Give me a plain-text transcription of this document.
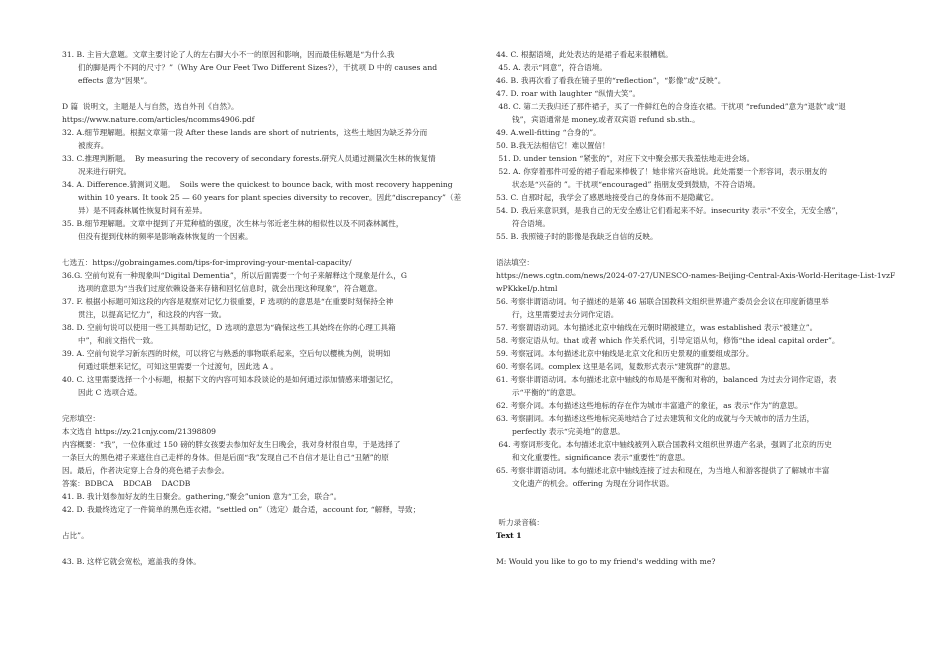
31. B. 主旨大意题。文章主要讨论了人的左右脚大小不一的原因和影响，因而最佳标题是“为什么我

们的脚是两个不同的尺寸？”（Why Are Our Feet Two Different Sizes?），干扰项 D 中的 causes and

effects 意为“因果”。

D 篇  说明文，主题是人与自然，选自外刊《自然》。

https://www.nature.com/articles/ncomms4906.pdf

32. A.细节理解题。根据文章第一段 After these lands are short of nutrients，这些土地因为缺乏养分而

被废弃。

33. C.推理判断题。  By measuring the recovery of secondary forests.研究人员通过测量次生林的恢复情

况来进行研究。

34. A. Difference.猜测词义题。  Soils were the quickest to bounce back, with most recovery happening

within 10 years. It took 25 — 60 years for plant species diversity to recover。因此“discrepancy”（差

异）是不同森林属性恢复时间有差异。

35. B.细节理解题。文章中提到了开荒种植的强度，次生林与邻近老生林的相似性以及不同森林属性，

但没有提到伐林的频率是影响森林恢复的一个因素。

七选五：https://gobraingames.com/tips-for-improving-your-mental-capacity/

36.G. 空前句说有一种现象叫“Digital Dementia”，所以后面需要一个句子来解释这个现象是什么，G

选项的意思为“当我们过度依赖设备来存储和回忆信息时，就会出现这种现象”，符合题意。

37. F. 根据小标题可知这段的内容是观察对记忆力很重要，F 选项的的意思是“在重要时刻保持全神

贯注，以提高记忆力”，和这段的内容一致。

38. D. 空前句说可以使用一些工具帮助记忆，D 选项的意思为“确保这些工具始终在你的心理工具箱

中”，和前文指代一致。

39. A. 空前句说学习新东西的时候，可以将它与熟悉的事物联系起来，空后句以樱桃为例，说明如

何通过联想来记忆，可知这里需要一个过渡句，因此选 A 。

40. C. 这里需要选择一个小标题，根据下文的内容可知本段谈论的是如何通过添加情感来增强记忆，

因此 C 选项合适。

完形填空：

本文选自 https://zy.21cnjy.com/21398809

内容概要：“我”，一位体重过 150 磅的胖女孩要去参加好友生日晚会，我对身材很自卑，于是选择了

一条巨大的黑色裙子来遮住自己走样的身体。但是后面“我”发现自己不自信才是让自己“丑陋”的原

因。最后，作者决定穿上合身的亮色裙子去参会。

答案：BDBCA    BDCAB    DACDB

41. B. 我计划参加好友的生日聚会。gathering,“聚会”union 意为“工会，联合”。

42. D. 我最终选定了一件简单的黑色连衣裙。“settled on”（选定）最合适，account for, “解释，导致；

占比”。

43. B. 这样它就会宽松，遮盖我的身体。

44. C. 根据语境，此处表达的是裙子看起来很糟糕。

45. A. 表示“同意”，符合语境。

46. B. 我再次看了看我在镜子里的“reflection”，“影像”或“反映”。

47. D. roar with laughter “纵情大笑”。

48. C. 第二天我归还了那件裙子，买了一件鲜红色的合身连衣裙。干扰项 “refunded”意为“退款”或“退

钱”，宾语通常是 money,或者双宾语 refund sb.sth.。

49. A.well-fitting “合身的”。

50. B.我无法相信它！难以置信！

51. D. under tension “紧张的”，对应下文中聚会那天我羞怯地走进会场。

52. A. 你穿着那件可爱的裙子看起来棒极了！她非常兴奋地说。此处需要一个形容词，表示朋友的

状态是“兴奋的 ”。干扰项“encouraged” 指朋友受到鼓励，不符合语境。

53. C. 自那时起，我学会了感恩地接受自己的身体而不是隐藏它。

54. D. 我后来意识到，是我自己的无安全感让它们看起来不好。insecurity 表示“不安全，无安全感”，

符合语境。

55. B. 我照镜子时的影像是我缺乏自信的反映。

语法填空：

https://news.cgtn.com/news/2024-07-27/UNESCO-names-Beijing-Central-Axis-World-Heritage-List-1vzF

wPKkkeI/p.html

56. 考察非谓语动词。句子描述的是第 46 届联合国教科文组织世界遗产委员会会议在印度新德里举

行，这里需要过去分词作定语。

57. 考察谓语动词。本句描述北京中轴线在元朝时期被建立，was established 表示“被建立”。

58. 考察定语从句。that 或者 which 作关系代词，引导定语从句，修饰“the ideal capital order”。

59. 考察冠词。本句描述北京中轴线是北京文化和历史景观的重要组成部分。

60. 考察名词。complex 这里是名词，复数形式表示“建筑群”的意思。

61. 考察非谓语动词。本句描述北京中轴线的布局是平衡和对称的，balanced 为过去分词作定语，表

示“平衡的”的意思。

62. 考察介词。本句描述这些地标的存在作为城市丰富遗产的象征，as 表示“作为”的意思。

63. 考察副词。本句描述这些地标完美地结合了过去建筑和文化的成就与今天城市的活力生活，

perfectly 表示“完美地”的意思。

64. 考察词形变化。本句描述北京中轴线被列入联合国教科文组织世界遗产名录，强调了北京的历史

和文化重要性。significance 表示“重要性”的意思。

65. 考察非谓语动词。本句描述北京中轴线连接了过去和现在，为当地人和游客提供了了解城市丰富

文化遗产的机会。offering 为现在分词作状语。

听力录音稿：

Text 1

M: Would you like to go to my friend's wedding with me?
